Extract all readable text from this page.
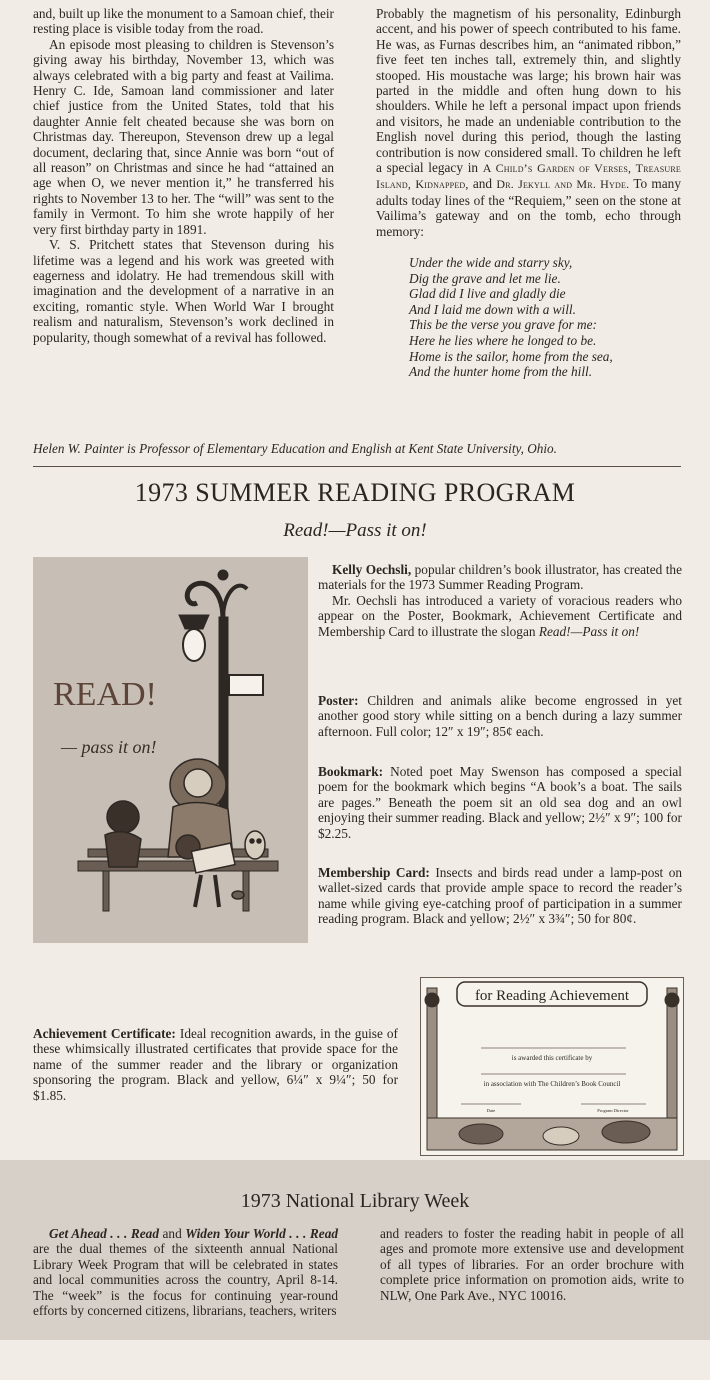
and, built up like the monument to a Samoan chief, their resting place is visible today from the road.

An episode most pleasing to children is Stevenson’s giving away his birthday, November 13, which was always celebrated with a big party and feast at Vailima. Henry C. Ide, Samoan land commissioner and later chief justice from the United States, told that his daughter Annie felt cheated because she was born on Christmas day. Thereupon, Stevenson drew up a legal document, declaring that, since Annie was born “out of all reason” on Christmas and since he had “attained an age when O, we never mention it,” he transferred his rights to November 13 to her. The “will” was sent to the family in Vermont. To him she wrote happily of her very first birthday party in 1891.

V. S. Pritchett states that Stevenson during his lifetime was a legend and his work was greeted with eagerness and idolatry. He had tremendous skill with imagination and the development of a narrative in an exciting, romantic style. When World War I brought realism and naturalism, Stevenson’s work declined in popularity, though somewhat of a revival has followed.

Probably the magnetism of his personality, Edinburgh accent, and his power of speech contributed to his fame. He was, as Furnas describes him, an “animated ribbon,” five feet ten inches tall, extremely thin, and slightly stooped. His moustache was large; his brown hair was parted in the middle and often hung down to his shoulders. While he left a personal impact upon friends and visitors, he made an undeniable contribution to the English novel during this period, though the lasting contribution is now considered small. To children he left a special legacy in A Child’s Garden of Verses, Treasure Island, Kidnapped, and Dr. Jekyll and Mr. Hyde. To many adults today lines of the “Requiem,” seen on the stone at Vailima’s gateway and on the tomb, echo through memory:

Under the wide and starry sky,
Dig the grave and let me lie.
Glad did I live and gladly die
And I laid me down with a will.
This be the verse you grave for me:
Here he lies where he longed to be.
Home is the sailor, home from the sea,
And the hunter home from the hill.
Helen W. Painter is Professor of Elementary Education and English at Kent State University, Ohio.
1973 SUMMER READING PROGRAM
Read!—Pass it on!
READ!
— pass it on!

Kelly Oechsli, popular children’s book illustrator, has created the materials for the 1973 Summer Reading Program.

Mr. Oechsli has introduced a variety of voracious readers who appear on the Poster, Bookmark, Achievement Certificate and Membership Card to illustrate the slogan Read!—Pass it on!

Poster: Children and animals alike become engrossed in yet another good story while sitting on a bench during a lazy summer afternoon. Full color; 12″ x 19″; 85¢ each.

Bookmark: Noted poet May Swenson has composed a special poem for the bookmark which begins “A book’s a boat. The sails are pages.” Beneath the poem sit an old sea dog and an owl enjoying their summer reading. Black and yellow; 2½″ x 9″; 100 for $2.25.

Membership Card: Insects and birds read under a lamp-post on wallet-sized cards that provide ample space to record the reader’s name while giving eye-catching proof of participation in a summer reading program. Black and yellow; 2½″ x 3¾″; 50 for 80¢.

Achievement Certificate: Ideal recognition awards, in the guise of these whimsically illustrated certificates that provide space for the name of the summer reader and the library or organization sponsoring the program. Black and yellow, 6¼″ x 9¼″; 50 for $1.85.
for Reading Achievement
is awarded this certificate by
in association with The Children’s Book Council
Date	Program Director
1973 National Library Week
Get Ahead . . . Read and Widen Your World . . . Read are the dual themes of the sixteenth annual National Library Week Program that will be celebrated in states and local communities across the country, April 8-14. The “week” is the focus for continuing year-round efforts by concerned citizens, librarians, teachers, writers
and readers to foster the reading habit in people of all ages and promote more extensive use and development of all types of libraries. For an order brochure with complete price information on promotion aids, write to NLW, One Park Ave., NYC 10016.
